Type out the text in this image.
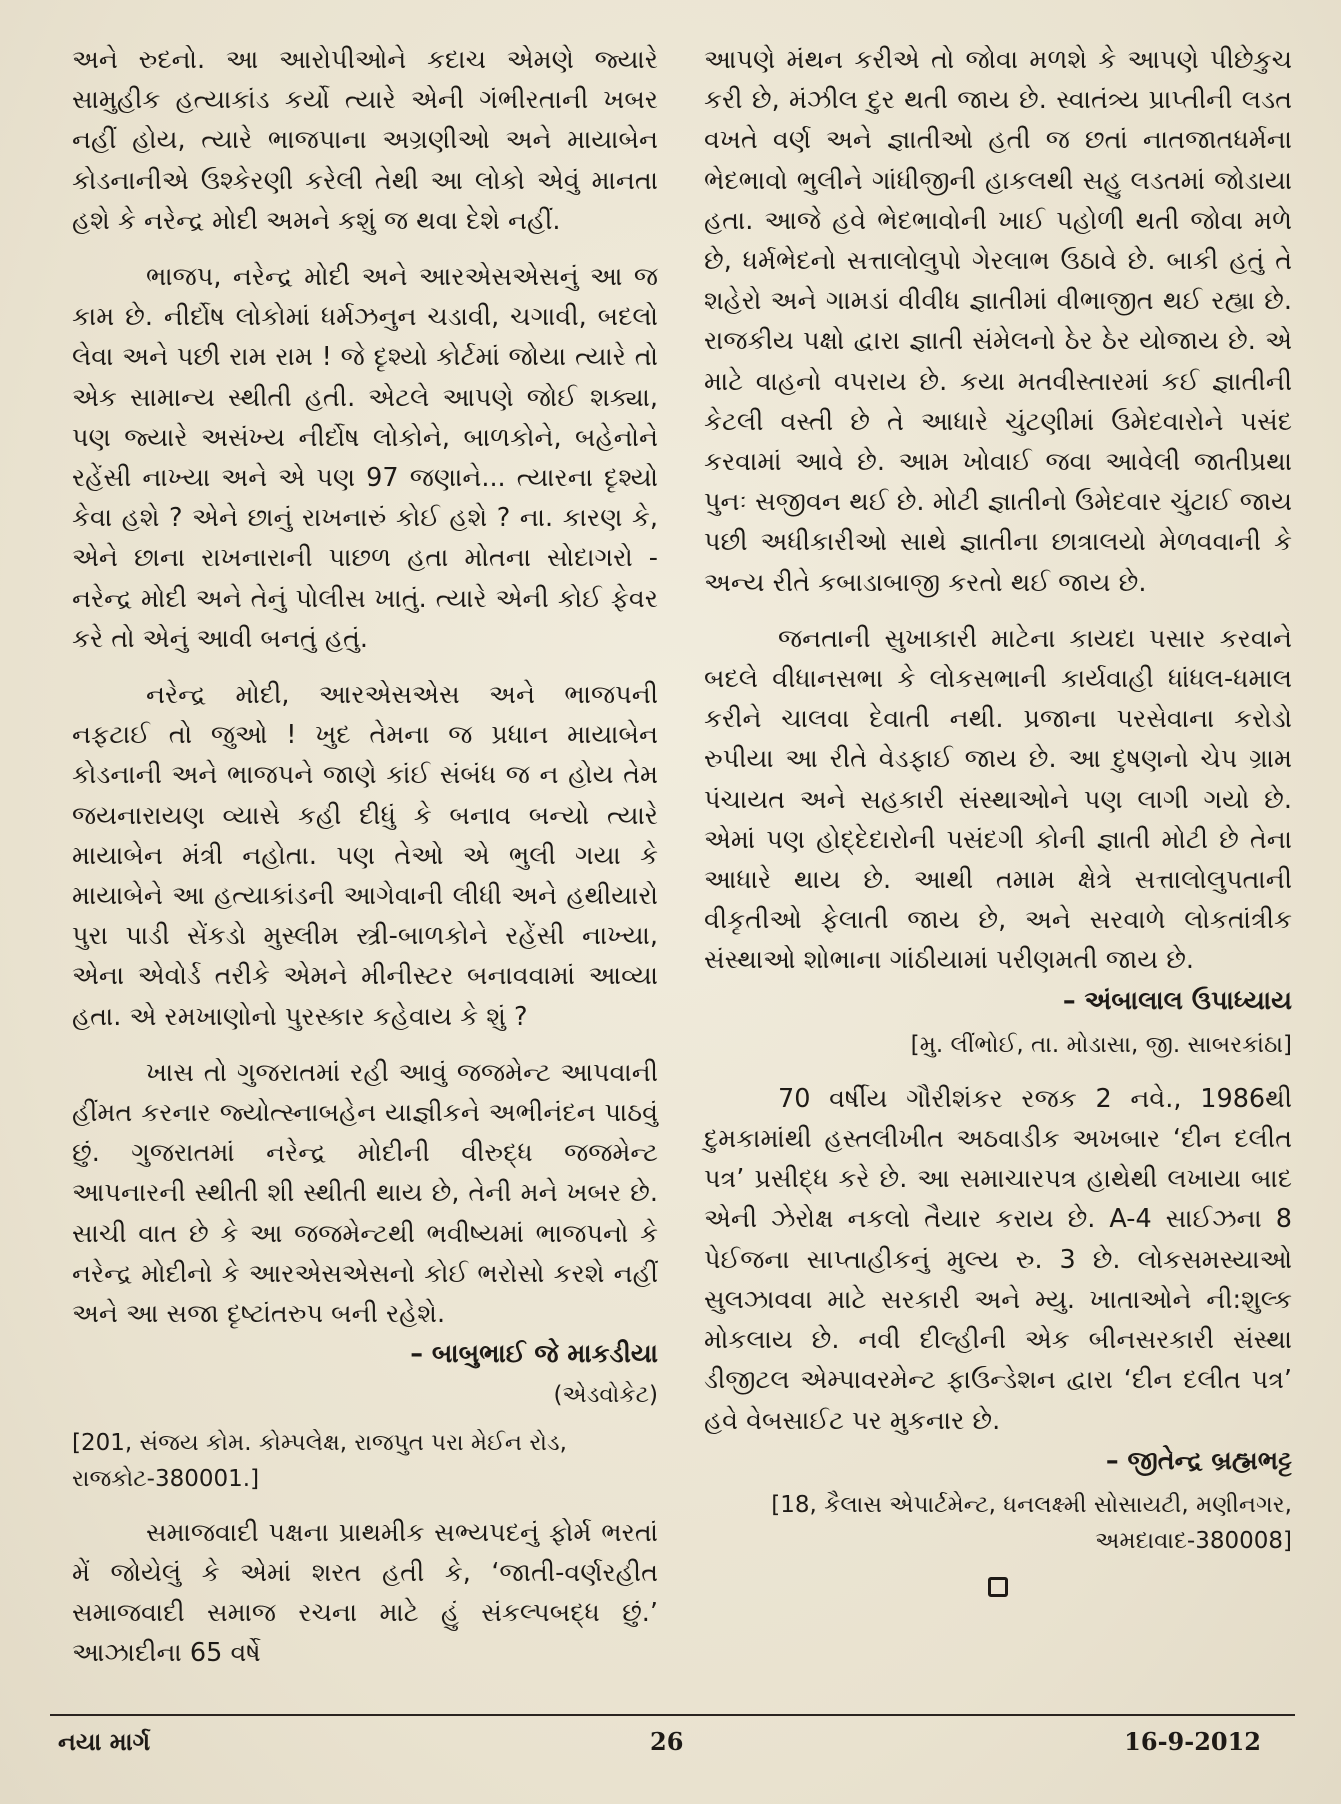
અને રુદનો. આ આરોપીઓને કદાચ એમણે જ્યારે સામુહીક હત્યાકાંડ કર્યો ત્યારે એની ગંભીરતાની ખબર નહીં હોય, ત્યારે ભાજપાના અગ્રણીઓ અને માયાબેન કોડનાનીએ ઉશ્કેરણી કરેલી તેથી આ લોકો એવું માનતા હશે કે નરેન્દ્ર મોદી અમને કશું જ થવા દેશે નહીં.

ભાજપ, નરેન્દ્ર મોદી અને આરએસએસનું આ જ કામ છે. નીર્દોષ લોકોમાં ધર્મઝનુન ચડાવી, ચગાવી, બદલો લેવા અને પછી રામ રામ ! જે દૃશ્યો કોર્ટમાં જોયા ત્યારે તો એક સામાન્ય સ્થીતી હતી. એટલે આપણે જોઈ શક્યા, પણ જ્યારે અસંખ્ય નીર્દોષ લોકોને, બાળકોને, બહેનોને રહેંસી નાખ્યા અને એ પણ 97 જણાને... ત્યારના દૃશ્યો કેવા હશે ? એને છાનું રાખનારું કોઈ હશે ? ના. કારણ કે, એને છાના રાખનારાની પાછળ હતા મોતના સોદાગરો - નરેન્દ્ર મોદી અને તેનું પોલીસ ખાતું. ત્યારે એની કોઈ ફેવર કરે તો એનું આવી બનતું હતું.

નરેન્દ્ર મોદી, આરએસએસ અને ભાજપની નફટાઈ તો જુઓ ! ખુદ તેમના જ પ્રધાન માયાબેન કોડનાની અને ભાજપને જાણે કાંઈ સંબંધ જ ન હોય તેમ જયનારાયણ વ્યાસે કહી દીધું કે બનાવ બન્યો ત્યારે માયાબેન મંત્રી નહોતા. પણ તેઓ એ ભુલી ગયા કે માયાબેને આ હત્યાકાંડની આગેવાની લીધી અને હથીયારો પુરા પાડી સેંકડો મુસ્લીમ સ્ત્રી-બાળકોને રહેંસી નાખ્યા, એના એવોર્ડ તરીકે એમને મીનીસ્ટર બનાવવામાં આવ્યા હતા. એ રમખાણોનો પુરસ્કાર કહેવાય કે શું ?

ખાસ તો ગુજરાતમાં રહી આવું જજમેન્ટ આપવાની હીંમત કરનાર જ્યોત્સ્નાબહેન યાજ્ઞીકને અભીનંદન પાઠવું છું. ગુજરાતમાં નરેન્દ્ર મોદીની વીરુદ્ધ જજમેન્ટ આપનારની સ્થીતી શી સ્થીતી થાય છે, તેની મને ખબર છે. સાચી વાત છે કે આ જજમેન્ટથી ભવીષ્યમાં ભાજપનો કે નરેન્દ્ર મોદીનો કે આરએસએસનો કોઈ ભરોસો કરશે નહીં અને આ સજા દૃષ્ટાંતરુપ બની રહેશે.

– બાબુભાઈ જે માકડીયા

(એડવોકેટ)

[201, સંજય કોમ. કોમ્પલેક્ષ, રાજપુત પરા મેઈન રોડ, રાજકોટ-380001.]

સમાજવાદી પક્ષના પ્રાથમીક સભ્યપદનું ફોર્મ ભરતાં મેં જોયેલું કે એમાં શરત હતી કે, ‘જાતી-વર્ણરહીત સમાજવાદી સમાજ રચના માટે હું સંકલ્પબદ્ધ છું.’ આઝાદીના 65 વર્ષે

આપણે મંથન કરીએ તો જોવા મળશે કે આપણે પીછેકુચ કરી છે, મંઝીલ દુર થતી જાય છે. સ્વાતંત્ર્ય પ્રાપ્તીની લડત વખતે વર્ણ અને જ્ઞાતીઓ હતી જ છતાં નાતજાતધર્મના ભેદભાવો ભુલીને ગાંધીજીની હાકલથી સહુ લડતમાં જોડાયા હતા. આજે હવે ભેદભાવોની ખાઈ પહોળી થતી જોવા મળે છે, ધર્મભેદનો સત્તાલોલુપો ગેરલાભ ઉઠાવે છે. બાકી હતું તે શહેરો અને ગામડાં વીવીધ જ્ઞાતીમાં વીભાજીત થઈ રહ્યા છે. રાજકીય પક્ષો દ્વારા જ્ઞાતી સંમેલનો ઠેર ઠેર યોજાય છે. એ માટે વાહનો વપરાય છે. કયા મતવીસ્તારમાં કઈ જ્ઞાતીની કેટલી વસ્તી છે તે આધારે ચુંટણીમાં ઉમેદવારોને પસંદ કરવામાં આવે છે. આમ ખોવાઈ જવા આવેલી જાતીપ્રથા પુનઃ સજીવન થઈ છે. મોટી જ્ઞાતીનો ઉમેદવાર ચુંટાઈ જાય પછી અધીકારીઓ સાથે જ્ઞાતીના છાત્રાલયો મેળવવાની કે અન્ય રીતે કબાડાબાજી કરતો થઈ જાય છે.

જનતાની સુખાકારી માટેના કાયદા પસાર કરવાને બદલે વીધાનસભા કે લોકસભાની કાર્યવાહી ધાંધલ-ધમાલ કરીને ચાલવા દેવાતી નથી. પ્રજાના પરસેવાના કરોડો રુપીયા આ રીતે વેડફાઈ જાય છે. આ દુષણનો ચેપ ગ્રામ પંચાયત અને સહકારી સંસ્થાઓને પણ લાગી ગયો છે. એમાં પણ હોદ્દેદારોની પસંદગી કોની જ્ઞાતી મોટી છે તેના આધારે થાય છે. આથી તમામ ક્ષેત્રે સત્તાલોલુપતાની વીકૃતીઓ ફેલાતી જાય છે, અને સરવાળે લોકતાંત્રીક સંસ્થાઓ શોભાના ગાંઠીયામાં પરીણમતી જાય છે.

– અંબાલાલ ઉપાધ્યાય

[મુ. લીંભોઈ, તા. મોડાસા, જી. સાબરકાંઠા]

70 વર્ષીય ગૌરીશંકર રજક 2 નવે., 1986થી દુમકામાંથી હસ્તલીખીત અઠવાડીક અખબાર ‘દીન દલીત પત્ર’ પ્રસીદ્ધ કરે છે. આ સમાચારપત્ર હાથેથી લખાયા બાદ એની ઝેરોક્ષ નકલો તૈયાર કરાય છે. A-4 સાઈઝના 8 પેઈજના સાપ્તાહીકનું મુલ્ય રુ. 3 છે. લોકસમસ્યાઓ સુલઝાવવા માટે સરકારી અને મ્યુ. ખાતાઓને ની:શુલ્ક મોકલાય છે. નવી દીલ્હીની એક બીનસરકારી સંસ્થા ડીજીટલ એમ્પાવરમેન્ટ ફાઉન્ડેશન દ્વારા ‘દીન દલીત પત્ર’ હવે વેબસાઈટ પર મુકનાર છે.

– જીતેન્દ્ર બ્રહ્મભટ્ટ

[18, કૈલાસ એપાર્ટમેન્ટ, ધનલક્ષ્મી સોસાયટી, મણીનગર,

અમદાવાદ-380008]

નયા માર્ગ	26	16-9-2012
